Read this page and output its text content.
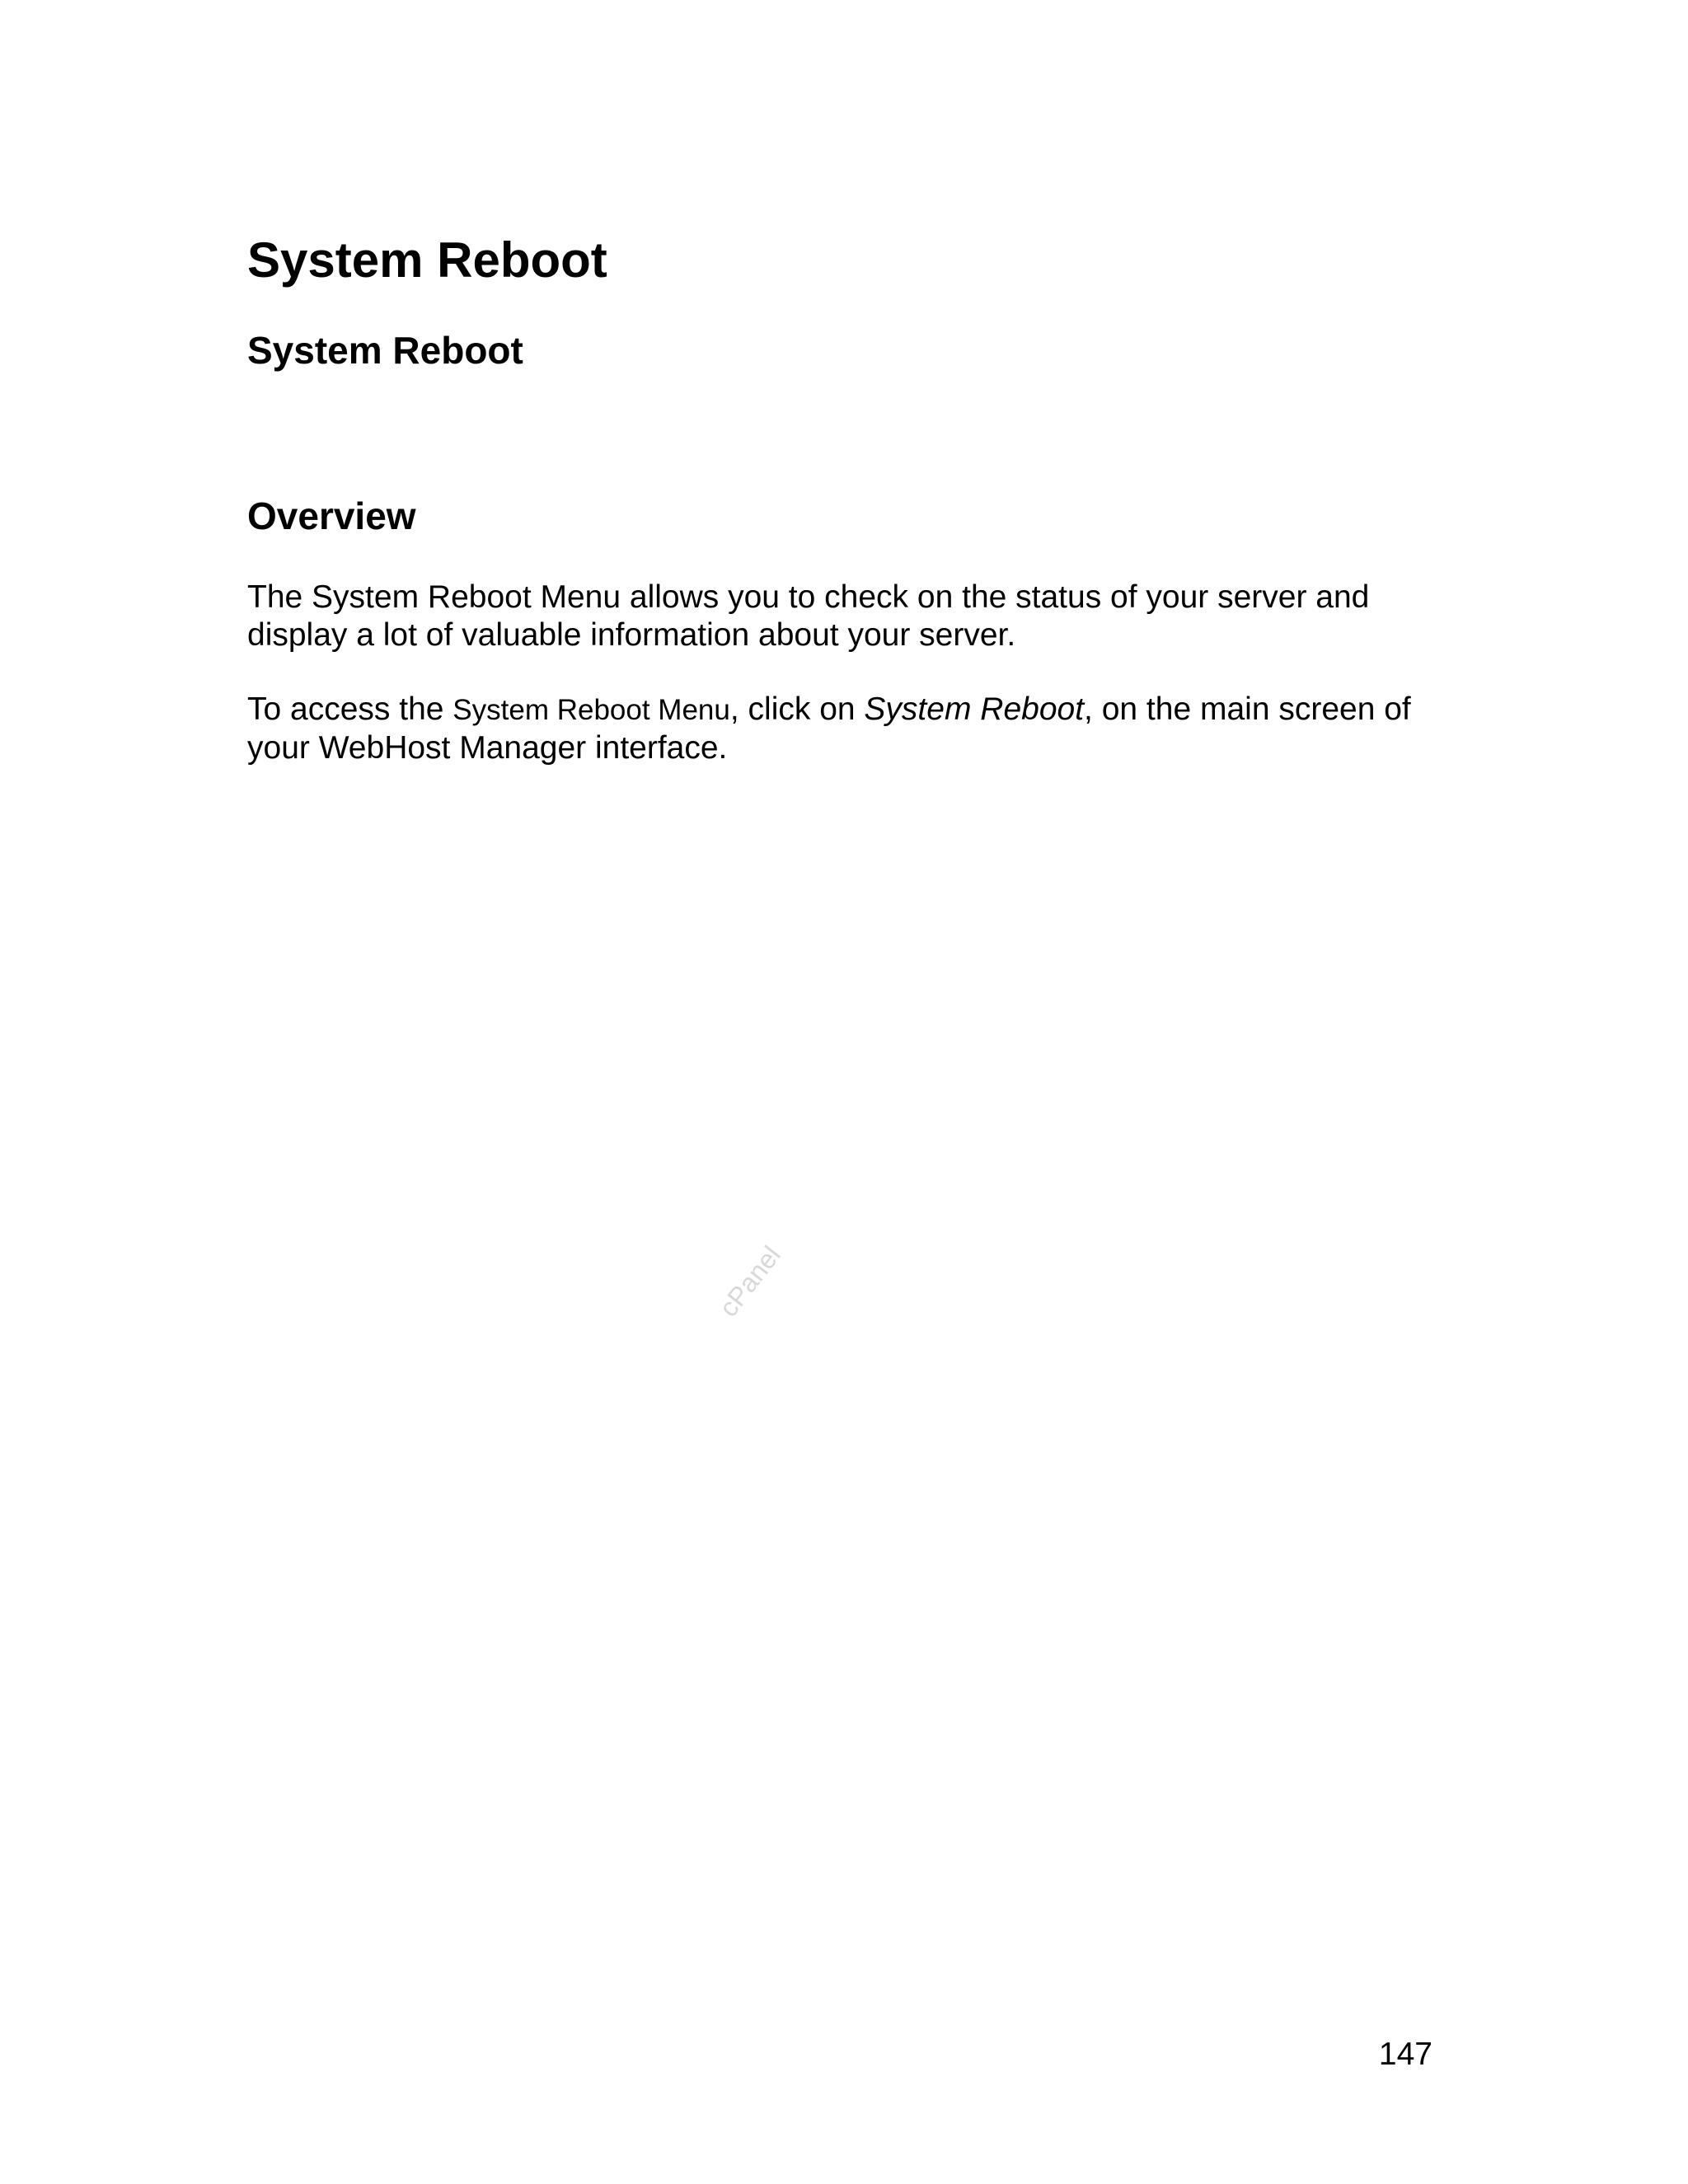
System Reboot
System Reboot
Overview

The System Reboot Menu allows you to check on the status of your server and display a lot of valuable information about your server.

To access the System Reboot Menu, click on System Reboot, on the main screen of your WebHost Manager interface.

cPanel
147
